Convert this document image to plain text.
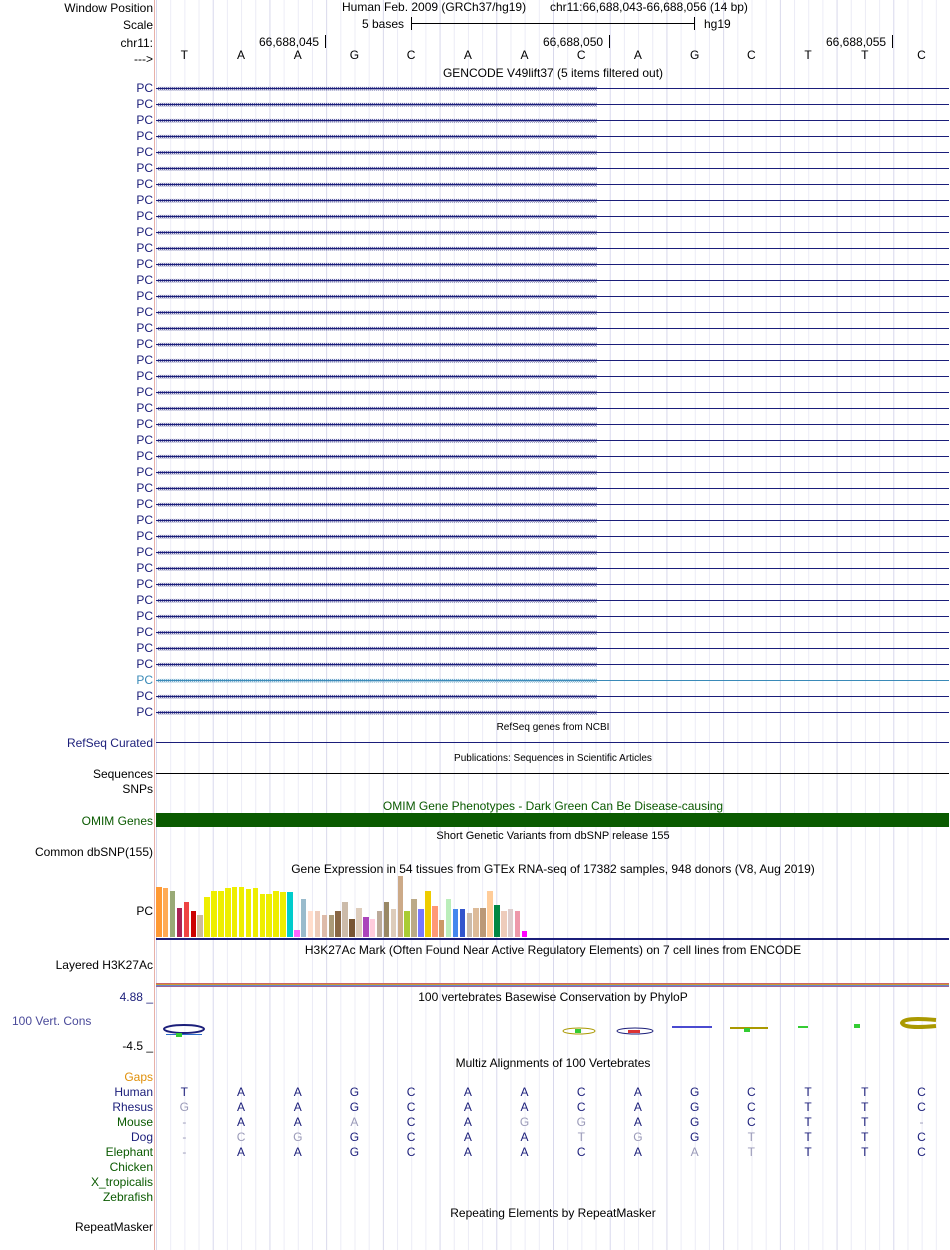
Window Position	Human Feb. 2009 (GRCh37/hg19) chr11:66,688,043-66,688,056 (14 bp)
Scale	5 bases	hg19
chr11:	66,688,045	66,688,050	66,688,055
--->	T	A	A	G	C	A	A	C	A	G	C	T	T	C
GENCODE V49lift37 (5 items filtered out)
PC ‹‹‹‹‹‹‹‹‹‹‹‹‹‹‹‹‹‹‹‹‹‹‹‹‹‹‹‹‹‹‹‹‹‹‹‹‹‹‹‹‹‹‹‹‹‹‹‹‹‹‹‹‹‹‹‹‹‹‹‹‹‹‹‹‹‹‹‹‹‹‹‹‹‹‹‹‹‹‹‹‹‹‹‹‹‹‹‹‹‹‹‹‹‹‹‹‹‹‹‹‹‹‹‹‹‹‹‹‹‹‹‹‹‹‹‹‹‹‹‹‹‹‹‹‹‹‹‹‹‹‹‹‹‹‹‹‹‹‹‹‹‹‹‹‹‹‹‹‹‹‹‹‹‹‹‹‹‹‹‹‹‹‹‹‹‹‹‹‹‹‹‹‹‹‹‹‹‹‹‹‹‹‹‹‹‹‹‹‹‹‹‹‹‹‹‹‹‹‹‹‹‹‹‹‹‹‹‹‹‹‹‹‹‹‹‹‹‹‹‹
PC ‹‹‹‹‹‹‹‹‹‹‹‹‹‹‹‹‹‹‹‹‹‹‹‹‹‹‹‹‹‹‹‹‹‹‹‹‹‹‹‹‹‹‹‹‹‹‹‹‹‹‹‹‹‹‹‹‹‹‹‹‹‹‹‹‹‹‹‹‹‹‹‹‹‹‹‹‹‹‹‹‹‹‹‹‹‹‹‹‹‹‹‹‹‹‹‹‹‹‹‹‹‹‹‹‹‹‹‹‹‹‹‹‹‹‹‹‹‹‹‹‹‹‹‹‹‹‹‹‹‹‹‹‹‹‹‹‹‹‹‹‹‹‹‹‹‹‹‹‹‹‹‹‹‹‹‹‹‹‹‹‹‹‹‹‹‹‹‹‹‹‹‹‹‹‹‹‹‹‹‹‹‹‹‹‹‹‹‹‹‹‹‹‹‹‹‹‹‹‹‹‹‹‹‹‹‹‹‹‹‹‹‹‹‹‹‹‹‹‹‹
PC ‹‹‹‹‹‹‹‹‹‹‹‹‹‹‹‹‹‹‹‹‹‹‹‹‹‹‹‹‹‹‹‹‹‹‹‹‹‹‹‹‹‹‹‹‹‹‹‹‹‹‹‹‹‹‹‹‹‹‹‹‹‹‹‹‹‹‹‹‹‹‹‹‹‹‹‹‹‹‹‹‹‹‹‹‹‹‹‹‹‹‹‹‹‹‹‹‹‹‹‹‹‹‹‹‹‹‹‹‹‹‹‹‹‹‹‹‹‹‹‹‹‹‹‹‹‹‹‹‹‹‹‹‹‹‹‹‹‹‹‹‹‹‹‹‹‹‹‹‹‹‹‹‹‹‹‹‹‹‹‹‹‹‹‹‹‹‹‹‹‹‹‹‹‹‹‹‹‹‹‹‹‹‹‹‹‹‹‹‹‹‹‹‹‹‹‹‹‹‹‹‹‹‹‹‹‹‹‹‹‹‹‹‹‹‹‹‹‹‹‹
PC ‹‹‹‹‹‹‹‹‹‹‹‹‹‹‹‹‹‹‹‹‹‹‹‹‹‹‹‹‹‹‹‹‹‹‹‹‹‹‹‹‹‹‹‹‹‹‹‹‹‹‹‹‹‹‹‹‹‹‹‹‹‹‹‹‹‹‹‹‹‹‹‹‹‹‹‹‹‹‹‹‹‹‹‹‹‹‹‹‹‹‹‹‹‹‹‹‹‹‹‹‹‹‹‹‹‹‹‹‹‹‹‹‹‹‹‹‹‹‹‹‹‹‹‹‹‹‹‹‹‹‹‹‹‹‹‹‹‹‹‹‹‹‹‹‹‹‹‹‹‹‹‹‹‹‹‹‹‹‹‹‹‹‹‹‹‹‹‹‹‹‹‹‹‹‹‹‹‹‹‹‹‹‹‹‹‹‹‹‹‹‹‹‹‹‹‹‹‹‹‹‹‹‹‹‹‹‹‹‹‹‹‹‹‹‹‹‹‹‹‹
PC ‹‹‹‹‹‹‹‹‹‹‹‹‹‹‹‹‹‹‹‹‹‹‹‹‹‹‹‹‹‹‹‹‹‹‹‹‹‹‹‹‹‹‹‹‹‹‹‹‹‹‹‹‹‹‹‹‹‹‹‹‹‹‹‹‹‹‹‹‹‹‹‹‹‹‹‹‹‹‹‹‹‹‹‹‹‹‹‹‹‹‹‹‹‹‹‹‹‹‹‹‹‹‹‹‹‹‹‹‹‹‹‹‹‹‹‹‹‹‹‹‹‹‹‹‹‹‹‹‹‹‹‹‹‹‹‹‹‹‹‹‹‹‹‹‹‹‹‹‹‹‹‹‹‹‹‹‹‹‹‹‹‹‹‹‹‹‹‹‹‹‹‹‹‹‹‹‹‹‹‹‹‹‹‹‹‹‹‹‹‹‹‹‹‹‹‹‹‹‹‹‹‹‹‹‹‹‹‹‹‹‹‹‹‹‹‹‹‹‹‹
PC ‹‹‹‹‹‹‹‹‹‹‹‹‹‹‹‹‹‹‹‹‹‹‹‹‹‹‹‹‹‹‹‹‹‹‹‹‹‹‹‹‹‹‹‹‹‹‹‹‹‹‹‹‹‹‹‹‹‹‹‹‹‹‹‹‹‹‹‹‹‹‹‹‹‹‹‹‹‹‹‹‹‹‹‹‹‹‹‹‹‹‹‹‹‹‹‹‹‹‹‹‹‹‹‹‹‹‹‹‹‹‹‹‹‹‹‹‹‹‹‹‹‹‹‹‹‹‹‹‹‹‹‹‹‹‹‹‹‹‹‹‹‹‹‹‹‹‹‹‹‹‹‹‹‹‹‹‹‹‹‹‹‹‹‹‹‹‹‹‹‹‹‹‹‹‹‹‹‹‹‹‹‹‹‹‹‹‹‹‹‹‹‹‹‹‹‹‹‹‹‹‹‹‹‹‹‹‹‹‹‹‹‹‹‹‹‹‹‹‹‹
PC ‹‹‹‹‹‹‹‹‹‹‹‹‹‹‹‹‹‹‹‹‹‹‹‹‹‹‹‹‹‹‹‹‹‹‹‹‹‹‹‹‹‹‹‹‹‹‹‹‹‹‹‹‹‹‹‹‹‹‹‹‹‹‹‹‹‹‹‹‹‹‹‹‹‹‹‹‹‹‹‹‹‹‹‹‹‹‹‹‹‹‹‹‹‹‹‹‹‹‹‹‹‹‹‹‹‹‹‹‹‹‹‹‹‹‹‹‹‹‹‹‹‹‹‹‹‹‹‹‹‹‹‹‹‹‹‹‹‹‹‹‹‹‹‹‹‹‹‹‹‹‹‹‹‹‹‹‹‹‹‹‹‹‹‹‹‹‹‹‹‹‹‹‹‹‹‹‹‹‹‹‹‹‹‹‹‹‹‹‹‹‹‹‹‹‹‹‹‹‹‹‹‹‹‹‹‹‹‹‹‹‹‹‹‹‹‹‹‹‹‹
PC ‹‹‹‹‹‹‹‹‹‹‹‹‹‹‹‹‹‹‹‹‹‹‹‹‹‹‹‹‹‹‹‹‹‹‹‹‹‹‹‹‹‹‹‹‹‹‹‹‹‹‹‹‹‹‹‹‹‹‹‹‹‹‹‹‹‹‹‹‹‹‹‹‹‹‹‹‹‹‹‹‹‹‹‹‹‹‹‹‹‹‹‹‹‹‹‹‹‹‹‹‹‹‹‹‹‹‹‹‹‹‹‹‹‹‹‹‹‹‹‹‹‹‹‹‹‹‹‹‹‹‹‹‹‹‹‹‹‹‹‹‹‹‹‹‹‹‹‹‹‹‹‹‹‹‹‹‹‹‹‹‹‹‹‹‹‹‹‹‹‹‹‹‹‹‹‹‹‹‹‹‹‹‹‹‹‹‹‹‹‹‹‹‹‹‹‹‹‹‹‹‹‹‹‹‹‹‹‹‹‹‹‹‹‹‹‹‹‹‹‹
PC ‹‹‹‹‹‹‹‹‹‹‹‹‹‹‹‹‹‹‹‹‹‹‹‹‹‹‹‹‹‹‹‹‹‹‹‹‹‹‹‹‹‹‹‹‹‹‹‹‹‹‹‹‹‹‹‹‹‹‹‹‹‹‹‹‹‹‹‹‹‹‹‹‹‹‹‹‹‹‹‹‹‹‹‹‹‹‹‹‹‹‹‹‹‹‹‹‹‹‹‹‹‹‹‹‹‹‹‹‹‹‹‹‹‹‹‹‹‹‹‹‹‹‹‹‹‹‹‹‹‹‹‹‹‹‹‹‹‹‹‹‹‹‹‹‹‹‹‹‹‹‹‹‹‹‹‹‹‹‹‹‹‹‹‹‹‹‹‹‹‹‹‹‹‹‹‹‹‹‹‹‹‹‹‹‹‹‹‹‹‹‹‹‹‹‹‹‹‹‹‹‹‹‹‹‹‹‹‹‹‹‹‹‹‹‹‹‹‹‹‹
PC ‹‹‹‹‹‹‹‹‹‹‹‹‹‹‹‹‹‹‹‹‹‹‹‹‹‹‹‹‹‹‹‹‹‹‹‹‹‹‹‹‹‹‹‹‹‹‹‹‹‹‹‹‹‹‹‹‹‹‹‹‹‹‹‹‹‹‹‹‹‹‹‹‹‹‹‹‹‹‹‹‹‹‹‹‹‹‹‹‹‹‹‹‹‹‹‹‹‹‹‹‹‹‹‹‹‹‹‹‹‹‹‹‹‹‹‹‹‹‹‹‹‹‹‹‹‹‹‹‹‹‹‹‹‹‹‹‹‹‹‹‹‹‹‹‹‹‹‹‹‹‹‹‹‹‹‹‹‹‹‹‹‹‹‹‹‹‹‹‹‹‹‹‹‹‹‹‹‹‹‹‹‹‹‹‹‹‹‹‹‹‹‹‹‹‹‹‹‹‹‹‹‹‹‹‹‹‹‹‹‹‹‹‹‹‹‹‹‹‹‹
PC ‹‹‹‹‹‹‹‹‹‹‹‹‹‹‹‹‹‹‹‹‹‹‹‹‹‹‹‹‹‹‹‹‹‹‹‹‹‹‹‹‹‹‹‹‹‹‹‹‹‹‹‹‹‹‹‹‹‹‹‹‹‹‹‹‹‹‹‹‹‹‹‹‹‹‹‹‹‹‹‹‹‹‹‹‹‹‹‹‹‹‹‹‹‹‹‹‹‹‹‹‹‹‹‹‹‹‹‹‹‹‹‹‹‹‹‹‹‹‹‹‹‹‹‹‹‹‹‹‹‹‹‹‹‹‹‹‹‹‹‹‹‹‹‹‹‹‹‹‹‹‹‹‹‹‹‹‹‹‹‹‹‹‹‹‹‹‹‹‹‹‹‹‹‹‹‹‹‹‹‹‹‹‹‹‹‹‹‹‹‹‹‹‹‹‹‹‹‹‹‹‹‹‹‹‹‹‹‹‹‹‹‹‹‹‹‹‹‹‹‹
PC ‹‹‹‹‹‹‹‹‹‹‹‹‹‹‹‹‹‹‹‹‹‹‹‹‹‹‹‹‹‹‹‹‹‹‹‹‹‹‹‹‹‹‹‹‹‹‹‹‹‹‹‹‹‹‹‹‹‹‹‹‹‹‹‹‹‹‹‹‹‹‹‹‹‹‹‹‹‹‹‹‹‹‹‹‹‹‹‹‹‹‹‹‹‹‹‹‹‹‹‹‹‹‹‹‹‹‹‹‹‹‹‹‹‹‹‹‹‹‹‹‹‹‹‹‹‹‹‹‹‹‹‹‹‹‹‹‹‹‹‹‹‹‹‹‹‹‹‹‹‹‹‹‹‹‹‹‹‹‹‹‹‹‹‹‹‹‹‹‹‹‹‹‹‹‹‹‹‹‹‹‹‹‹‹‹‹‹‹‹‹‹‹‹‹‹‹‹‹‹‹‹‹‹‹‹‹‹‹‹‹‹‹‹‹‹‹‹‹‹‹
PC ‹‹‹‹‹‹‹‹‹‹‹‹‹‹‹‹‹‹‹‹‹‹‹‹‹‹‹‹‹‹‹‹‹‹‹‹‹‹‹‹‹‹‹‹‹‹‹‹‹‹‹‹‹‹‹‹‹‹‹‹‹‹‹‹‹‹‹‹‹‹‹‹‹‹‹‹‹‹‹‹‹‹‹‹‹‹‹‹‹‹‹‹‹‹‹‹‹‹‹‹‹‹‹‹‹‹‹‹‹‹‹‹‹‹‹‹‹‹‹‹‹‹‹‹‹‹‹‹‹‹‹‹‹‹‹‹‹‹‹‹‹‹‹‹‹‹‹‹‹‹‹‹‹‹‹‹‹‹‹‹‹‹‹‹‹‹‹‹‹‹‹‹‹‹‹‹‹‹‹‹‹‹‹‹‹‹‹‹‹‹‹‹‹‹‹‹‹‹‹‹‹‹‹‹‹‹‹‹‹‹‹‹‹‹‹‹‹‹‹‹
PC ‹‹‹‹‹‹‹‹‹‹‹‹‹‹‹‹‹‹‹‹‹‹‹‹‹‹‹‹‹‹‹‹‹‹‹‹‹‹‹‹‹‹‹‹‹‹‹‹‹‹‹‹‹‹‹‹‹‹‹‹‹‹‹‹‹‹‹‹‹‹‹‹‹‹‹‹‹‹‹‹‹‹‹‹‹‹‹‹‹‹‹‹‹‹‹‹‹‹‹‹‹‹‹‹‹‹‹‹‹‹‹‹‹‹‹‹‹‹‹‹‹‹‹‹‹‹‹‹‹‹‹‹‹‹‹‹‹‹‹‹‹‹‹‹‹‹‹‹‹‹‹‹‹‹‹‹‹‹‹‹‹‹‹‹‹‹‹‹‹‹‹‹‹‹‹‹‹‹‹‹‹‹‹‹‹‹‹‹‹‹‹‹‹‹‹‹‹‹‹‹‹‹‹‹‹‹‹‹‹‹‹‹‹‹‹‹‹‹‹‹
PC ‹‹‹‹‹‹‹‹‹‹‹‹‹‹‹‹‹‹‹‹‹‹‹‹‹‹‹‹‹‹‹‹‹‹‹‹‹‹‹‹‹‹‹‹‹‹‹‹‹‹‹‹‹‹‹‹‹‹‹‹‹‹‹‹‹‹‹‹‹‹‹‹‹‹‹‹‹‹‹‹‹‹‹‹‹‹‹‹‹‹‹‹‹‹‹‹‹‹‹‹‹‹‹‹‹‹‹‹‹‹‹‹‹‹‹‹‹‹‹‹‹‹‹‹‹‹‹‹‹‹‹‹‹‹‹‹‹‹‹‹‹‹‹‹‹‹‹‹‹‹‹‹‹‹‹‹‹‹‹‹‹‹‹‹‹‹‹‹‹‹‹‹‹‹‹‹‹‹‹‹‹‹‹‹‹‹‹‹‹‹‹‹‹‹‹‹‹‹‹‹‹‹‹‹‹‹‹‹‹‹‹‹‹‹‹‹‹‹‹‹
PC ‹‹‹‹‹‹‹‹‹‹‹‹‹‹‹‹‹‹‹‹‹‹‹‹‹‹‹‹‹‹‹‹‹‹‹‹‹‹‹‹‹‹‹‹‹‹‹‹‹‹‹‹‹‹‹‹‹‹‹‹‹‹‹‹‹‹‹‹‹‹‹‹‹‹‹‹‹‹‹‹‹‹‹‹‹‹‹‹‹‹‹‹‹‹‹‹‹‹‹‹‹‹‹‹‹‹‹‹‹‹‹‹‹‹‹‹‹‹‹‹‹‹‹‹‹‹‹‹‹‹‹‹‹‹‹‹‹‹‹‹‹‹‹‹‹‹‹‹‹‹‹‹‹‹‹‹‹‹‹‹‹‹‹‹‹‹‹‹‹‹‹‹‹‹‹‹‹‹‹‹‹‹‹‹‹‹‹‹‹‹‹‹‹‹‹‹‹‹‹‹‹‹‹‹‹‹‹‹‹‹‹‹‹‹‹‹‹‹‹‹
PC ‹‹‹‹‹‹‹‹‹‹‹‹‹‹‹‹‹‹‹‹‹‹‹‹‹‹‹‹‹‹‹‹‹‹‹‹‹‹‹‹‹‹‹‹‹‹‹‹‹‹‹‹‹‹‹‹‹‹‹‹‹‹‹‹‹‹‹‹‹‹‹‹‹‹‹‹‹‹‹‹‹‹‹‹‹‹‹‹‹‹‹‹‹‹‹‹‹‹‹‹‹‹‹‹‹‹‹‹‹‹‹‹‹‹‹‹‹‹‹‹‹‹‹‹‹‹‹‹‹‹‹‹‹‹‹‹‹‹‹‹‹‹‹‹‹‹‹‹‹‹‹‹‹‹‹‹‹‹‹‹‹‹‹‹‹‹‹‹‹‹‹‹‹‹‹‹‹‹‹‹‹‹‹‹‹‹‹‹‹‹‹‹‹‹‹‹‹‹‹‹‹‹‹‹‹‹‹‹‹‹‹‹‹‹‹‹‹‹‹‹
PC ‹‹‹‹‹‹‹‹‹‹‹‹‹‹‹‹‹‹‹‹‹‹‹‹‹‹‹‹‹‹‹‹‹‹‹‹‹‹‹‹‹‹‹‹‹‹‹‹‹‹‹‹‹‹‹‹‹‹‹‹‹‹‹‹‹‹‹‹‹‹‹‹‹‹‹‹‹‹‹‹‹‹‹‹‹‹‹‹‹‹‹‹‹‹‹‹‹‹‹‹‹‹‹‹‹‹‹‹‹‹‹‹‹‹‹‹‹‹‹‹‹‹‹‹‹‹‹‹‹‹‹‹‹‹‹‹‹‹‹‹‹‹‹‹‹‹‹‹‹‹‹‹‹‹‹‹‹‹‹‹‹‹‹‹‹‹‹‹‹‹‹‹‹‹‹‹‹‹‹‹‹‹‹‹‹‹‹‹‹‹‹‹‹‹‹‹‹‹‹‹‹‹‹‹‹‹‹‹‹‹‹‹‹‹‹‹‹‹‹‹
PC ‹‹‹‹‹‹‹‹‹‹‹‹‹‹‹‹‹‹‹‹‹‹‹‹‹‹‹‹‹‹‹‹‹‹‹‹‹‹‹‹‹‹‹‹‹‹‹‹‹‹‹‹‹‹‹‹‹‹‹‹‹‹‹‹‹‹‹‹‹‹‹‹‹‹‹‹‹‹‹‹‹‹‹‹‹‹‹‹‹‹‹‹‹‹‹‹‹‹‹‹‹‹‹‹‹‹‹‹‹‹‹‹‹‹‹‹‹‹‹‹‹‹‹‹‹‹‹‹‹‹‹‹‹‹‹‹‹‹‹‹‹‹‹‹‹‹‹‹‹‹‹‹‹‹‹‹‹‹‹‹‹‹‹‹‹‹‹‹‹‹‹‹‹‹‹‹‹‹‹‹‹‹‹‹‹‹‹‹‹‹‹‹‹‹‹‹‹‹‹‹‹‹‹‹‹‹‹‹‹‹‹‹‹‹‹‹‹‹‹‹
PC ‹‹‹‹‹‹‹‹‹‹‹‹‹‹‹‹‹‹‹‹‹‹‹‹‹‹‹‹‹‹‹‹‹‹‹‹‹‹‹‹‹‹‹‹‹‹‹‹‹‹‹‹‹‹‹‹‹‹‹‹‹‹‹‹‹‹‹‹‹‹‹‹‹‹‹‹‹‹‹‹‹‹‹‹‹‹‹‹‹‹‹‹‹‹‹‹‹‹‹‹‹‹‹‹‹‹‹‹‹‹‹‹‹‹‹‹‹‹‹‹‹‹‹‹‹‹‹‹‹‹‹‹‹‹‹‹‹‹‹‹‹‹‹‹‹‹‹‹‹‹‹‹‹‹‹‹‹‹‹‹‹‹‹‹‹‹‹‹‹‹‹‹‹‹‹‹‹‹‹‹‹‹‹‹‹‹‹‹‹‹‹‹‹‹‹‹‹‹‹‹‹‹‹‹‹‹‹‹‹‹‹‹‹‹‹‹‹‹‹‹
PC ‹‹‹‹‹‹‹‹‹‹‹‹‹‹‹‹‹‹‹‹‹‹‹‹‹‹‹‹‹‹‹‹‹‹‹‹‹‹‹‹‹‹‹‹‹‹‹‹‹‹‹‹‹‹‹‹‹‹‹‹‹‹‹‹‹‹‹‹‹‹‹‹‹‹‹‹‹‹‹‹‹‹‹‹‹‹‹‹‹‹‹‹‹‹‹‹‹‹‹‹‹‹‹‹‹‹‹‹‹‹‹‹‹‹‹‹‹‹‹‹‹‹‹‹‹‹‹‹‹‹‹‹‹‹‹‹‹‹‹‹‹‹‹‹‹‹‹‹‹‹‹‹‹‹‹‹‹‹‹‹‹‹‹‹‹‹‹‹‹‹‹‹‹‹‹‹‹‹‹‹‹‹‹‹‹‹‹‹‹‹‹‹‹‹‹‹‹‹‹‹‹‹‹‹‹‹‹‹‹‹‹‹‹‹‹‹‹‹‹‹
PC ‹‹‹‹‹‹‹‹‹‹‹‹‹‹‹‹‹‹‹‹‹‹‹‹‹‹‹‹‹‹‹‹‹‹‹‹‹‹‹‹‹‹‹‹‹‹‹‹‹‹‹‹‹‹‹‹‹‹‹‹‹‹‹‹‹‹‹‹‹‹‹‹‹‹‹‹‹‹‹‹‹‹‹‹‹‹‹‹‹‹‹‹‹‹‹‹‹‹‹‹‹‹‹‹‹‹‹‹‹‹‹‹‹‹‹‹‹‹‹‹‹‹‹‹‹‹‹‹‹‹‹‹‹‹‹‹‹‹‹‹‹‹‹‹‹‹‹‹‹‹‹‹‹‹‹‹‹‹‹‹‹‹‹‹‹‹‹‹‹‹‹‹‹‹‹‹‹‹‹‹‹‹‹‹‹‹‹‹‹‹‹‹‹‹‹‹‹‹‹‹‹‹‹‹‹‹‹‹‹‹‹‹‹‹‹‹‹‹‹‹
PC ‹‹‹‹‹‹‹‹‹‹‹‹‹‹‹‹‹‹‹‹‹‹‹‹‹‹‹‹‹‹‹‹‹‹‹‹‹‹‹‹‹‹‹‹‹‹‹‹‹‹‹‹‹‹‹‹‹‹‹‹‹‹‹‹‹‹‹‹‹‹‹‹‹‹‹‹‹‹‹‹‹‹‹‹‹‹‹‹‹‹‹‹‹‹‹‹‹‹‹‹‹‹‹‹‹‹‹‹‹‹‹‹‹‹‹‹‹‹‹‹‹‹‹‹‹‹‹‹‹‹‹‹‹‹‹‹‹‹‹‹‹‹‹‹‹‹‹‹‹‹‹‹‹‹‹‹‹‹‹‹‹‹‹‹‹‹‹‹‹‹‹‹‹‹‹‹‹‹‹‹‹‹‹‹‹‹‹‹‹‹‹‹‹‹‹‹‹‹‹‹‹‹‹‹‹‹‹‹‹‹‹‹‹‹‹‹‹‹‹‹
PC ‹‹‹‹‹‹‹‹‹‹‹‹‹‹‹‹‹‹‹‹‹‹‹‹‹‹‹‹‹‹‹‹‹‹‹‹‹‹‹‹‹‹‹‹‹‹‹‹‹‹‹‹‹‹‹‹‹‹‹‹‹‹‹‹‹‹‹‹‹‹‹‹‹‹‹‹‹‹‹‹‹‹‹‹‹‹‹‹‹‹‹‹‹‹‹‹‹‹‹‹‹‹‹‹‹‹‹‹‹‹‹‹‹‹‹‹‹‹‹‹‹‹‹‹‹‹‹‹‹‹‹‹‹‹‹‹‹‹‹‹‹‹‹‹‹‹‹‹‹‹‹‹‹‹‹‹‹‹‹‹‹‹‹‹‹‹‹‹‹‹‹‹‹‹‹‹‹‹‹‹‹‹‹‹‹‹‹‹‹‹‹‹‹‹‹‹‹‹‹‹‹‹‹‹‹‹‹‹‹‹‹‹‹‹‹‹‹‹‹‹
PC ‹‹‹‹‹‹‹‹‹‹‹‹‹‹‹‹‹‹‹‹‹‹‹‹‹‹‹‹‹‹‹‹‹‹‹‹‹‹‹‹‹‹‹‹‹‹‹‹‹‹‹‹‹‹‹‹‹‹‹‹‹‹‹‹‹‹‹‹‹‹‹‹‹‹‹‹‹‹‹‹‹‹‹‹‹‹‹‹‹‹‹‹‹‹‹‹‹‹‹‹‹‹‹‹‹‹‹‹‹‹‹‹‹‹‹‹‹‹‹‹‹‹‹‹‹‹‹‹‹‹‹‹‹‹‹‹‹‹‹‹‹‹‹‹‹‹‹‹‹‹‹‹‹‹‹‹‹‹‹‹‹‹‹‹‹‹‹‹‹‹‹‹‹‹‹‹‹‹‹‹‹‹‹‹‹‹‹‹‹‹‹‹‹‹‹‹‹‹‹‹‹‹‹‹‹‹‹‹‹‹‹‹‹‹‹‹‹‹‹‹
PC ‹‹‹‹‹‹‹‹‹‹‹‹‹‹‹‹‹‹‹‹‹‹‹‹‹‹‹‹‹‹‹‹‹‹‹‹‹‹‹‹‹‹‹‹‹‹‹‹‹‹‹‹‹‹‹‹‹‹‹‹‹‹‹‹‹‹‹‹‹‹‹‹‹‹‹‹‹‹‹‹‹‹‹‹‹‹‹‹‹‹‹‹‹‹‹‹‹‹‹‹‹‹‹‹‹‹‹‹‹‹‹‹‹‹‹‹‹‹‹‹‹‹‹‹‹‹‹‹‹‹‹‹‹‹‹‹‹‹‹‹‹‹‹‹‹‹‹‹‹‹‹‹‹‹‹‹‹‹‹‹‹‹‹‹‹‹‹‹‹‹‹‹‹‹‹‹‹‹‹‹‹‹‹‹‹‹‹‹‹‹‹‹‹‹‹‹‹‹‹‹‹‹‹‹‹‹‹‹‹‹‹‹‹‹‹‹‹‹‹‹
PC ‹‹‹‹‹‹‹‹‹‹‹‹‹‹‹‹‹‹‹‹‹‹‹‹‹‹‹‹‹‹‹‹‹‹‹‹‹‹‹‹‹‹‹‹‹‹‹‹‹‹‹‹‹‹‹‹‹‹‹‹‹‹‹‹‹‹‹‹‹‹‹‹‹‹‹‹‹‹‹‹‹‹‹‹‹‹‹‹‹‹‹‹‹‹‹‹‹‹‹‹‹‹‹‹‹‹‹‹‹‹‹‹‹‹‹‹‹‹‹‹‹‹‹‹‹‹‹‹‹‹‹‹‹‹‹‹‹‹‹‹‹‹‹‹‹‹‹‹‹‹‹‹‹‹‹‹‹‹‹‹‹‹‹‹‹‹‹‹‹‹‹‹‹‹‹‹‹‹‹‹‹‹‹‹‹‹‹‹‹‹‹‹‹‹‹‹‹‹‹‹‹‹‹‹‹‹‹‹‹‹‹‹‹‹‹‹‹‹‹‹
PC ‹‹‹‹‹‹‹‹‹‹‹‹‹‹‹‹‹‹‹‹‹‹‹‹‹‹‹‹‹‹‹‹‹‹‹‹‹‹‹‹‹‹‹‹‹‹‹‹‹‹‹‹‹‹‹‹‹‹‹‹‹‹‹‹‹‹‹‹‹‹‹‹‹‹‹‹‹‹‹‹‹‹‹‹‹‹‹‹‹‹‹‹‹‹‹‹‹‹‹‹‹‹‹‹‹‹‹‹‹‹‹‹‹‹‹‹‹‹‹‹‹‹‹‹‹‹‹‹‹‹‹‹‹‹‹‹‹‹‹‹‹‹‹‹‹‹‹‹‹‹‹‹‹‹‹‹‹‹‹‹‹‹‹‹‹‹‹‹‹‹‹‹‹‹‹‹‹‹‹‹‹‹‹‹‹‹‹‹‹‹‹‹‹‹‹‹‹‹‹‹‹‹‹‹‹‹‹‹‹‹‹‹‹‹‹‹‹‹‹‹
PC ‹‹‹‹‹‹‹‹‹‹‹‹‹‹‹‹‹‹‹‹‹‹‹‹‹‹‹‹‹‹‹‹‹‹‹‹‹‹‹‹‹‹‹‹‹‹‹‹‹‹‹‹‹‹‹‹‹‹‹‹‹‹‹‹‹‹‹‹‹‹‹‹‹‹‹‹‹‹‹‹‹‹‹‹‹‹‹‹‹‹‹‹‹‹‹‹‹‹‹‹‹‹‹‹‹‹‹‹‹‹‹‹‹‹‹‹‹‹‹‹‹‹‹‹‹‹‹‹‹‹‹‹‹‹‹‹‹‹‹‹‹‹‹‹‹‹‹‹‹‹‹‹‹‹‹‹‹‹‹‹‹‹‹‹‹‹‹‹‹‹‹‹‹‹‹‹‹‹‹‹‹‹‹‹‹‹‹‹‹‹‹‹‹‹‹‹‹‹‹‹‹‹‹‹‹‹‹‹‹‹‹‹‹‹‹‹‹‹‹‹
PC ‹‹‹‹‹‹‹‹‹‹‹‹‹‹‹‹‹‹‹‹‹‹‹‹‹‹‹‹‹‹‹‹‹‹‹‹‹‹‹‹‹‹‹‹‹‹‹‹‹‹‹‹‹‹‹‹‹‹‹‹‹‹‹‹‹‹‹‹‹‹‹‹‹‹‹‹‹‹‹‹‹‹‹‹‹‹‹‹‹‹‹‹‹‹‹‹‹‹‹‹‹‹‹‹‹‹‹‹‹‹‹‹‹‹‹‹‹‹‹‹‹‹‹‹‹‹‹‹‹‹‹‹‹‹‹‹‹‹‹‹‹‹‹‹‹‹‹‹‹‹‹‹‹‹‹‹‹‹‹‹‹‹‹‹‹‹‹‹‹‹‹‹‹‹‹‹‹‹‹‹‹‹‹‹‹‹‹‹‹‹‹‹‹‹‹‹‹‹‹‹‹‹‹‹‹‹‹‹‹‹‹‹‹‹‹‹‹‹‹‹
PC ‹‹‹‹‹‹‹‹‹‹‹‹‹‹‹‹‹‹‹‹‹‹‹‹‹‹‹‹‹‹‹‹‹‹‹‹‹‹‹‹‹‹‹‹‹‹‹‹‹‹‹‹‹‹‹‹‹‹‹‹‹‹‹‹‹‹‹‹‹‹‹‹‹‹‹‹‹‹‹‹‹‹‹‹‹‹‹‹‹‹‹‹‹‹‹‹‹‹‹‹‹‹‹‹‹‹‹‹‹‹‹‹‹‹‹‹‹‹‹‹‹‹‹‹‹‹‹‹‹‹‹‹‹‹‹‹‹‹‹‹‹‹‹‹‹‹‹‹‹‹‹‹‹‹‹‹‹‹‹‹‹‹‹‹‹‹‹‹‹‹‹‹‹‹‹‹‹‹‹‹‹‹‹‹‹‹‹‹‹‹‹‹‹‹‹‹‹‹‹‹‹‹‹‹‹‹‹‹‹‹‹‹‹‹‹‹‹‹‹‹
PC ‹‹‹‹‹‹‹‹‹‹‹‹‹‹‹‹‹‹‹‹‹‹‹‹‹‹‹‹‹‹‹‹‹‹‹‹‹‹‹‹‹‹‹‹‹‹‹‹‹‹‹‹‹‹‹‹‹‹‹‹‹‹‹‹‹‹‹‹‹‹‹‹‹‹‹‹‹‹‹‹‹‹‹‹‹‹‹‹‹‹‹‹‹‹‹‹‹‹‹‹‹‹‹‹‹‹‹‹‹‹‹‹‹‹‹‹‹‹‹‹‹‹‹‹‹‹‹‹‹‹‹‹‹‹‹‹‹‹‹‹‹‹‹‹‹‹‹‹‹‹‹‹‹‹‹‹‹‹‹‹‹‹‹‹‹‹‹‹‹‹‹‹‹‹‹‹‹‹‹‹‹‹‹‹‹‹‹‹‹‹‹‹‹‹‹‹‹‹‹‹‹‹‹‹‹‹‹‹‹‹‹‹‹‹‹‹‹‹‹‹
PC ‹‹‹‹‹‹‹‹‹‹‹‹‹‹‹‹‹‹‹‹‹‹‹‹‹‹‹‹‹‹‹‹‹‹‹‹‹‹‹‹‹‹‹‹‹‹‹‹‹‹‹‹‹‹‹‹‹‹‹‹‹‹‹‹‹‹‹‹‹‹‹‹‹‹‹‹‹‹‹‹‹‹‹‹‹‹‹‹‹‹‹‹‹‹‹‹‹‹‹‹‹‹‹‹‹‹‹‹‹‹‹‹‹‹‹‹‹‹‹‹‹‹‹‹‹‹‹‹‹‹‹‹‹‹‹‹‹‹‹‹‹‹‹‹‹‹‹‹‹‹‹‹‹‹‹‹‹‹‹‹‹‹‹‹‹‹‹‹‹‹‹‹‹‹‹‹‹‹‹‹‹‹‹‹‹‹‹‹‹‹‹‹‹‹‹‹‹‹‹‹‹‹‹‹‹‹‹‹‹‹‹‹‹‹‹‹‹‹‹‹
PC ‹‹‹‹‹‹‹‹‹‹‹‹‹‹‹‹‹‹‹‹‹‹‹‹‹‹‹‹‹‹‹‹‹‹‹‹‹‹‹‹‹‹‹‹‹‹‹‹‹‹‹‹‹‹‹‹‹‹‹‹‹‹‹‹‹‹‹‹‹‹‹‹‹‹‹‹‹‹‹‹‹‹‹‹‹‹‹‹‹‹‹‹‹‹‹‹‹‹‹‹‹‹‹‹‹‹‹‹‹‹‹‹‹‹‹‹‹‹‹‹‹‹‹‹‹‹‹‹‹‹‹‹‹‹‹‹‹‹‹‹‹‹‹‹‹‹‹‹‹‹‹‹‹‹‹‹‹‹‹‹‹‹‹‹‹‹‹‹‹‹‹‹‹‹‹‹‹‹‹‹‹‹‹‹‹‹‹‹‹‹‹‹‹‹‹‹‹‹‹‹‹‹‹‹‹‹‹‹‹‹‹‹‹‹‹‹‹‹‹‹
PC ‹‹‹‹‹‹‹‹‹‹‹‹‹‹‹‹‹‹‹‹‹‹‹‹‹‹‹‹‹‹‹‹‹‹‹‹‹‹‹‹‹‹‹‹‹‹‹‹‹‹‹‹‹‹‹‹‹‹‹‹‹‹‹‹‹‹‹‹‹‹‹‹‹‹‹‹‹‹‹‹‹‹‹‹‹‹‹‹‹‹‹‹‹‹‹‹‹‹‹‹‹‹‹‹‹‹‹‹‹‹‹‹‹‹‹‹‹‹‹‹‹‹‹‹‹‹‹‹‹‹‹‹‹‹‹‹‹‹‹‹‹‹‹‹‹‹‹‹‹‹‹‹‹‹‹‹‹‹‹‹‹‹‹‹‹‹‹‹‹‹‹‹‹‹‹‹‹‹‹‹‹‹‹‹‹‹‹‹‹‹‹‹‹‹‹‹‹‹‹‹‹‹‹‹‹‹‹‹‹‹‹‹‹‹‹‹‹‹‹‹
PC ‹‹‹‹‹‹‹‹‹‹‹‹‹‹‹‹‹‹‹‹‹‹‹‹‹‹‹‹‹‹‹‹‹‹‹‹‹‹‹‹‹‹‹‹‹‹‹‹‹‹‹‹‹‹‹‹‹‹‹‹‹‹‹‹‹‹‹‹‹‹‹‹‹‹‹‹‹‹‹‹‹‹‹‹‹‹‹‹‹‹‹‹‹‹‹‹‹‹‹‹‹‹‹‹‹‹‹‹‹‹‹‹‹‹‹‹‹‹‹‹‹‹‹‹‹‹‹‹‹‹‹‹‹‹‹‹‹‹‹‹‹‹‹‹‹‹‹‹‹‹‹‹‹‹‹‹‹‹‹‹‹‹‹‹‹‹‹‹‹‹‹‹‹‹‹‹‹‹‹‹‹‹‹‹‹‹‹‹‹‹‹‹‹‹‹‹‹‹‹‹‹‹‹‹‹‹‹‹‹‹‹‹‹‹‹‹‹‹‹‹
PC ‹‹‹‹‹‹‹‹‹‹‹‹‹‹‹‹‹‹‹‹‹‹‹‹‹‹‹‹‹‹‹‹‹‹‹‹‹‹‹‹‹‹‹‹‹‹‹‹‹‹‹‹‹‹‹‹‹‹‹‹‹‹‹‹‹‹‹‹‹‹‹‹‹‹‹‹‹‹‹‹‹‹‹‹‹‹‹‹‹‹‹‹‹‹‹‹‹‹‹‹‹‹‹‹‹‹‹‹‹‹‹‹‹‹‹‹‹‹‹‹‹‹‹‹‹‹‹‹‹‹‹‹‹‹‹‹‹‹‹‹‹‹‹‹‹‹‹‹‹‹‹‹‹‹‹‹‹‹‹‹‹‹‹‹‹‹‹‹‹‹‹‹‹‹‹‹‹‹‹‹‹‹‹‹‹‹‹‹‹‹‹‹‹‹‹‹‹‹‹‹‹‹‹‹‹‹‹‹‹‹‹‹‹‹‹‹‹‹‹‹
PC ‹‹‹‹‹‹‹‹‹‹‹‹‹‹‹‹‹‹‹‹‹‹‹‹‹‹‹‹‹‹‹‹‹‹‹‹‹‹‹‹‹‹‹‹‹‹‹‹‹‹‹‹‹‹‹‹‹‹‹‹‹‹‹‹‹‹‹‹‹‹‹‹‹‹‹‹‹‹‹‹‹‹‹‹‹‹‹‹‹‹‹‹‹‹‹‹‹‹‹‹‹‹‹‹‹‹‹‹‹‹‹‹‹‹‹‹‹‹‹‹‹‹‹‹‹‹‹‹‹‹‹‹‹‹‹‹‹‹‹‹‹‹‹‹‹‹‹‹‹‹‹‹‹‹‹‹‹‹‹‹‹‹‹‹‹‹‹‹‹‹‹‹‹‹‹‹‹‹‹‹‹‹‹‹‹‹‹‹‹‹‹‹‹‹‹‹‹‹‹‹‹‹‹‹‹‹‹‹‹‹‹‹‹‹‹‹‹‹‹‹
PC ‹‹‹‹‹‹‹‹‹‹‹‹‹‹‹‹‹‹‹‹‹‹‹‹‹‹‹‹‹‹‹‹‹‹‹‹‹‹‹‹‹‹‹‹‹‹‹‹‹‹‹‹‹‹‹‹‹‹‹‹‹‹‹‹‹‹‹‹‹‹‹‹‹‹‹‹‹‹‹‹‹‹‹‹‹‹‹‹‹‹‹‹‹‹‹‹‹‹‹‹‹‹‹‹‹‹‹‹‹‹‹‹‹‹‹‹‹‹‹‹‹‹‹‹‹‹‹‹‹‹‹‹‹‹‹‹‹‹‹‹‹‹‹‹‹‹‹‹‹‹‹‹‹‹‹‹‹‹‹‹‹‹‹‹‹‹‹‹‹‹‹‹‹‹‹‹‹‹‹‹‹‹‹‹‹‹‹‹‹‹‹‹‹‹‹‹‹‹‹‹‹‹‹‹‹‹‹‹‹‹‹‹‹‹‹‹‹‹‹‹
PC ‹‹‹‹‹‹‹‹‹‹‹‹‹‹‹‹‹‹‹‹‹‹‹‹‹‹‹‹‹‹‹‹‹‹‹‹‹‹‹‹‹‹‹‹‹‹‹‹‹‹‹‹‹‹‹‹‹‹‹‹‹‹‹‹‹‹‹‹‹‹‹‹‹‹‹‹‹‹‹‹‹‹‹‹‹‹‹‹‹‹‹‹‹‹‹‹‹‹‹‹‹‹‹‹‹‹‹‹‹‹‹‹‹‹‹‹‹‹‹‹‹‹‹‹‹‹‹‹‹‹‹‹‹‹‹‹‹‹‹‹‹‹‹‹‹‹‹‹‹‹‹‹‹‹‹‹‹‹‹‹‹‹‹‹‹‹‹‹‹‹‹‹‹‹‹‹‹‹‹‹‹‹‹‹‹‹‹‹‹‹‹‹‹‹‹‹‹‹‹‹‹‹‹‹‹‹‹‹‹‹‹‹‹‹‹‹‹‹‹‹
RefSeq genes from NCBI
RefSeq Curated
Publications: Sequences in Scientific Articles
Sequences
SNPs
OMIM Gene Phenotypes - Dark Green Can Be Disease-causing
OMIM Genes
Short Genetic Variants from dbSNP release 155
Common dbSNP(155)
Gene Expression in 54 tissues from GTEx RNA-seq of 17382 samples, 948 donors (V8, Aug 2019)
PC
H3K27Ac Mark (Often Found Near Active Regulatory Elements) on 7 cell lines from ENCODE
Layered H3K27Ac
100 vertebrates Basewise Conservation by PhyloP
4.88 _
100 Vert. Cons
-4.5 _
Multiz Alignments of 100 Vertebrates
Gaps
Human	T	A	A	G	C	A	A	C	A	G	C	T	T	C
Rhesus	G	A	A	G	C	A	A	C	A	G	C	T	T	C
Mouse	-	A	A	A	C	A	G	G	A	G	C	T	T	-
Dog	-	C	G	G	C	A	A	T	G	G	T	T	T	C
Elephant	-	A	A	G	C	A	A	C	A	A	T	T	T	C
Chicken
X_tropicalis
Zebrafish
Repeating Elements by RepeatMasker
RepeatMasker
